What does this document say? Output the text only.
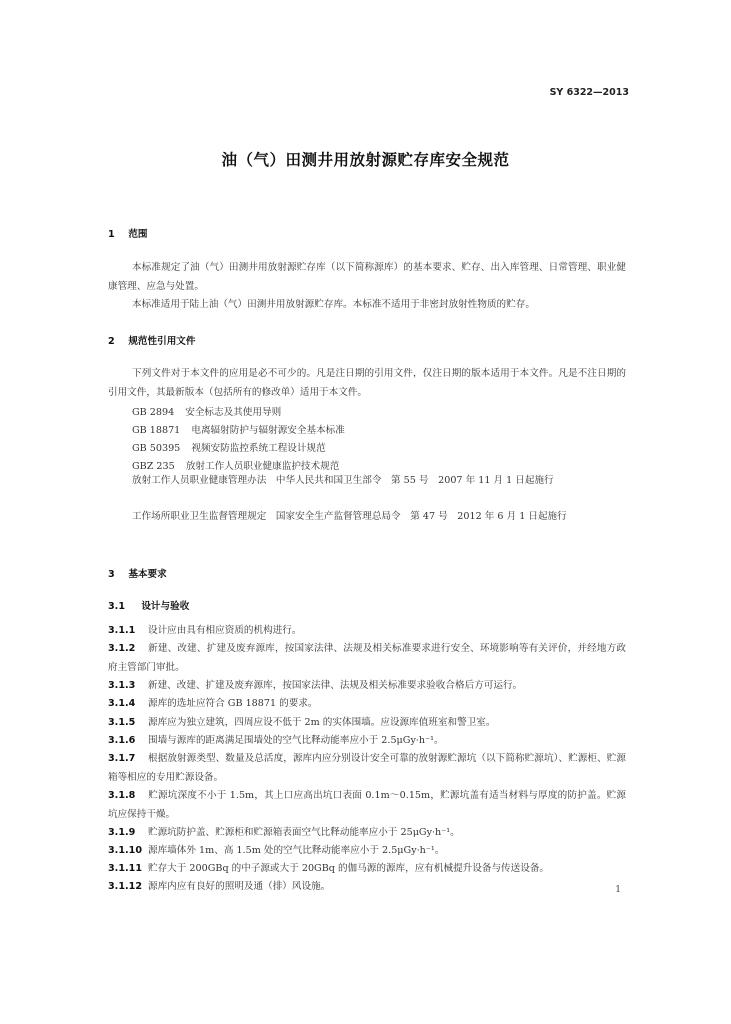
SY 6322—2013
油（气）田测井用放射源贮存库安全规范
1 范围
本标准规定了油（气）田测井用放射源贮存库（以下简称源库）的基本要求、贮存、出入库管理、日常管理、职业健康管理、应急与处置。
本标准适用于陆上油（气）田测井用放射源贮存库。本标准不适用于非密封放射性物质的贮存。
2 规范性引用文件
下列文件对于本文件的应用是必不可少的。凡是注日期的引用文件，仅注日期的版本适用于本文件。凡是不注日期的引用文件，其最新版本（包括所有的修改单）适用于本文件。
GB 2894 安全标志及其使用导则
GB 18871 电离辐射防护与辐射源安全基本标准
GB 50395 视频安防监控系统工程设计规范
GBZ 235 放射工作人员职业健康监护技术规范
放射工作人员职业健康管理办法　中华人民共和国卫生部令　第 55 号　2007 年 11 月 1 日起施行
工作场所职业卫生监督管理规定　国家安全生产监督管理总局令　第 47 号　2012 年 6 月 1 日起施行
3 基本要求
3.1 设计与验收
3.1.1 设计应由具有相应资质的机构进行。
3.1.2 新建、改建、扩建及废弃源库，按国家法律、法规及相关标准要求进行安全、环境影响等有关评价，并经地方政府主管部门审批。
3.1.3 新建、改建、扩建及废弃源库，按国家法律、法规及相关标准要求验收合格后方可运行。
3.1.4 源库的选址应符合 GB 18871 的要求。
3.1.5 源库应为独立建筑，四周应设不低于 2m 的实体围墙。应设源库值班室和警卫室。
3.1.6 围墙与源库的距离满足围墙处的空气比释动能率应小于 2.5μGy·h⁻¹。
3.1.7 根据放射源类型、数量及总活度，源库内应分别设计安全可靠的放射源贮源坑（以下简称贮源坑）、贮源柜、贮源箱等相应的专用贮源设备。
3.1.8 贮源坑深度不小于 1.5m，其上口应高出坑口表面 0.1m～0.15m，贮源坑盖有适当材料与厚度的防护盖。贮源坑应保持干燥。
3.1.9 贮源坑防护盖、贮源柜和贮源箱表面空气比释动能率应小于 25μGy·h⁻¹。
3.1.10 源库墙体外 1m、高 1.5m 处的空气比释动能率应小于 2.5μGy·h⁻¹。
3.1.11 贮存大于 200GBq 的中子源或大于 20GBq 的伽马源的源库，应有机械提升设备与传送设备。
3.1.12 源库内应有良好的照明及通（排）风设施。	1
